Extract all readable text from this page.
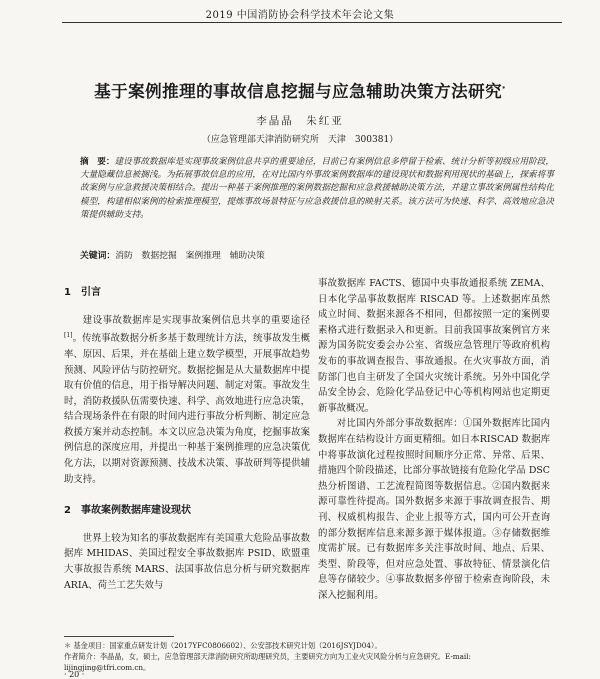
2019 中国消防协会科学技术年会论文集
基于案例推理的事故信息挖掘与应急辅助决策方法研究*
李晶晶　朱红亚
（应急管理部天津消防研究所　天津　300381）
摘　要：建设事故数据库是实现事故案例信息共享的重要途径，目前已有案例信息多停留于检索、统计分析等初级应用阶段，大量隐藏信息被搁浅。为拓展事故信息的应用，在对比国内外事故案例数据库的建设现状和数据利用现状的基础上，探索将事故案例与应急救援决策相结合。提出一种基于案例推理的案例数据挖掘和应急救援辅助决策方法，并建立事故案例属性结构化模型，构建相似案例的检索推理模型，提炼事故场景特征与应急救援信息的映射关系。该方法可为快速、科学、高效地应急决策提供辅助支持。
关键词：消防　数据挖掘　案例推理　辅助决策
1　引言

建设事故数据库是实现事故案例信息共享的重要途径[1]。传统事故数据分析多基于数理统计方法，统事故发生概率、原因、后果，并在基础上建立数学模型，开展事故趋势预测、风险评估与防控研究。数据挖掘是从大量数据库中提取有价值的信息，用于指导解决问题、制定对策。事故发生时，消防救援队伍需要快速、科学、高效地进行应急决策，结合现场条件在有限的时间内进行事故分析判断、制定应急救援方案并动态控制。本文以应急决策为角度，挖掘事故案例信息的深度应用，并提出一种基于案例推理的应急决策优化方法，以期对资源预测、技战术决策、事故研判等提供辅助支持。

2　事故案例数据库建设现状

世界上较为知名的事故数据库有美国重大危险品事故数据库 MHIDAS、美国过程安全事故数据库 PSID、欧盟重大事故报告系统 MARS、法国事故信息分析与研究数据库 ARIA、荷兰工艺失效与

事故数据库 FACTS、德国中央事故通报系统 ZEMA、日本化学品事故数据库 RISCAD 等。上述数据库虽然成立时间、数据来源各不相同，但都按照一定的案例要素格式进行数据录入和更新。目前我国事故案例官方来源为国务院安委会办公室、省级应急管理厅等政府机构发布的事故调查报告、事故通报。在火灾事故方面，消防部门也自主研发了全国火灾统计系统。另外中国化学品安全协会、危险化学品登记中心等机构网站也定期更新事故概况。

对比国内外部分事故数据库：①国外数据库比国内数据库在结构设计方面更精细。如日本RISCAD 数据库中将事故演化过程按照时间顺序分正常、异常、后果、措施四个阶段描述，比部分事故链接有危险化学品 DSC 热分析图谱、工艺流程简图等数据信息。②国内数据来源可靠性待提高。国外数据多来源于事故调查报告、期刊、权威机构报告、企业上报等方式，国内可公开查询的部分数据库信息来源多源于媒体报道。③存储数据维度需扩展。已有数据库多关注事故时间、地点、后果、类型、阶段等，但对应急处置、事故特征、情景演化信息等存储较少。④事故数据多停留于检索查询阶段，未深入挖掘利用。

＊ 基金项目：国家重点研发计划（2017YFC0806602）、公安部技术研究计划（2016JSYJD04）。
作者简介：李晶晶，女，硕士，应急管理部天津消防研究所助理研究员，主要研究方向为工业火灾风险分析与应急研究。E-mail: lijingjing@tfri.com.cn。
· 20 ·
